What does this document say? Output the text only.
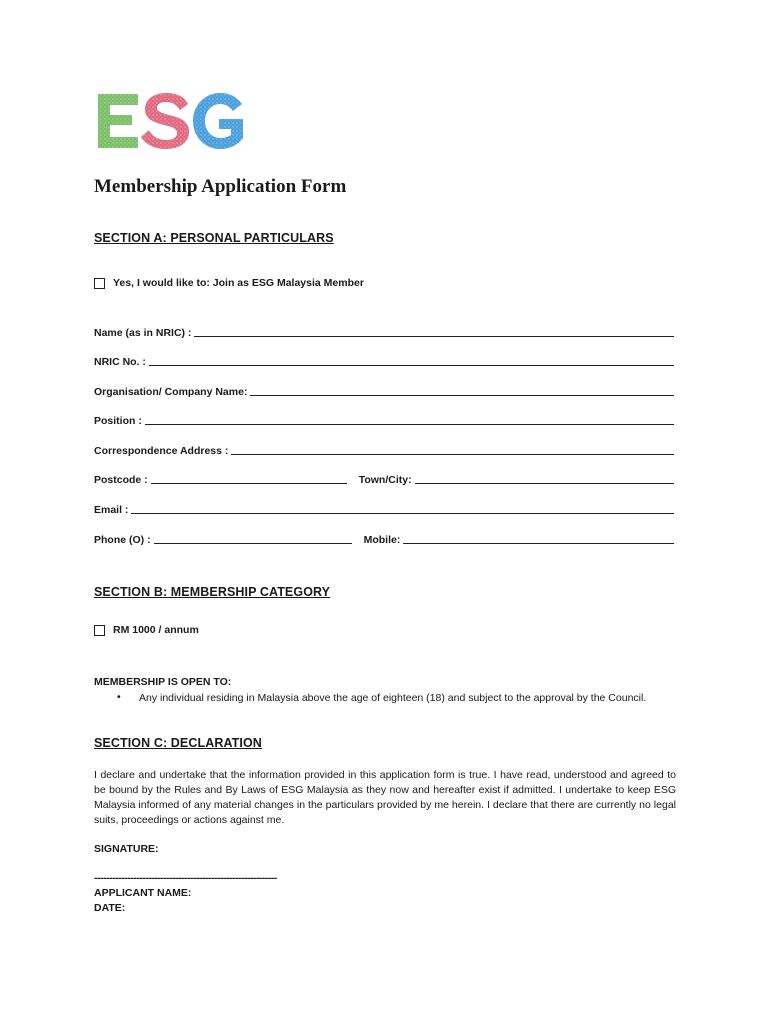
Membership Application Form
SECTION A: PERSONAL PARTICULARS
Yes, I would like to: Join as ESG Malaysia Member
Name (as in NRIC) :
NRIC No. :
Organisation/ Company Name:
Position :
Correspondence Address :
Postcode :	Town/City:
Email :
Phone (O) :	Mobile:
SECTION B: MEMBERSHIP CATEGORY
RM 1000 / annum
MEMBERSHIP IS OPEN TO:
• Any individual residing in Malaysia above the age of eighteen (18) and subject to the approval by the Council.
SECTION C: DECLARATION
I declare and undertake that the information provided in this application form is true. I have read, understood and agreed to be bound by the Rules and By Laws of ESG Malaysia as they now and hereafter exist if admitted. I undertake to keep ESG Malaysia informed of any material changes in the particulars provided by me herein. I declare that there are currently no legal suits, proceedings or actions against me.
SIGNATURE:
-------------------------------------------------------------
APPLICANT NAME:
DATE:
